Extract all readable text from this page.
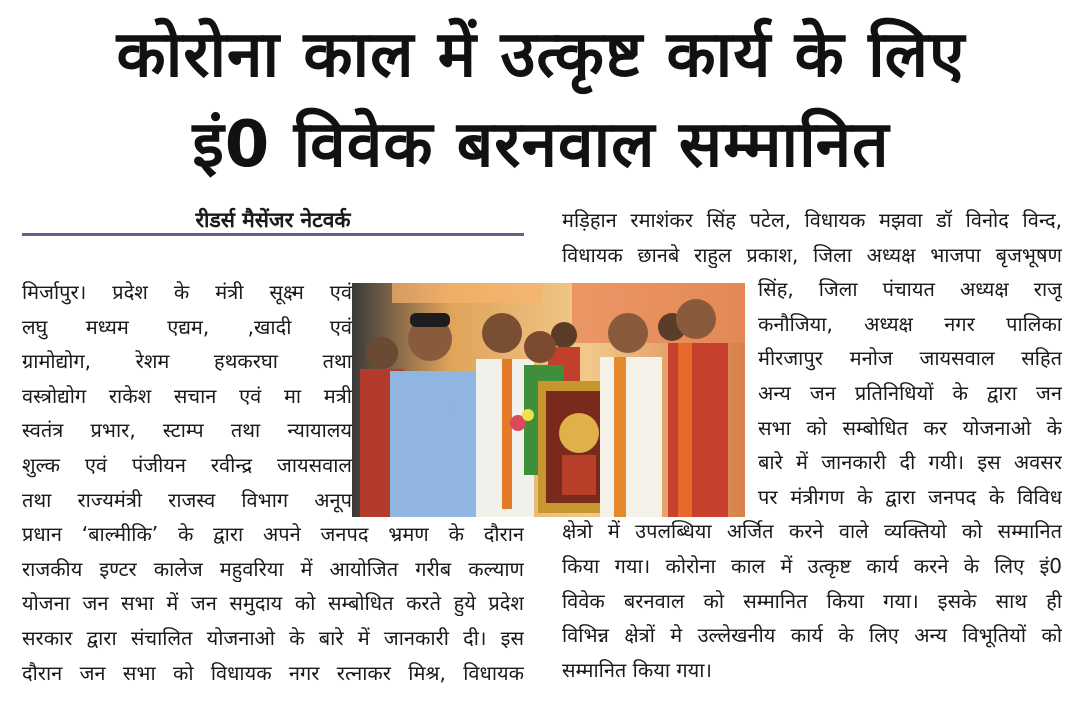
कोरोना काल में उत्कृष्ट कार्य के लिए
इं0 विवेक बरनवाल सम्मानित
रीडर्स मैसेंजर नेटवर्क
मिर्जापुर। प्रदेश के मंत्री सूक्ष्म एवं
लघु मध्यम एद्यम, ,खादी एवं
ग्रामोद्योग, रेशम हथकरघा तथा
वस्त्रोद्योग राकेश सचान एवं मा मत्री
स्वतंत्र प्रभार, स्टाम्प तथा न्यायालय
शुल्क एवं पंजीयन रवीन्द्र जायसवाल
तथा राज्यमंत्री राजस्व विभाग अनूप
प्रधान ‘बाल्मीकि’ के द्वारा अपने जनपद भ्रमण के दौरान
राजकीय इण्टर कालेज महुवरिया में आयोजित गरीब कल्याण
योजना जन सभा में जन समुदाय को सम्बोधित करते हुये प्रदेश
सरकार द्वारा संचालित योजनाओ के बारे में जानकारी दी। इस
दौरान जन सभा को विधायक नगर रत्नाकर मिश्र, विधायक
मड़िहान रमाशंकर सिंह पटेल, विधायक मझवा डॉ विनोद विन्द,
विधायक छानबे राहुल प्रकाश, जिला अध्यक्ष भाजपा बृजभूषण
सिंह, जिला पंचायत अध्यक्ष राजू
कनौजिया, अध्यक्ष नगर पालिका
मीरजापुर मनोज जायसवाल सहित
अन्य जन प्रतिनिधियों के द्वारा जन
सभा को सम्बोधित कर योजनाओ के
बारे में जानकारी दी गयी। इस अवसर
पर मंत्रीगण के द्वारा जनपद के विविध
क्षेत्रो में उपलब्धिया अर्जित करने वाले व्यक्तियो को सम्मानित
किया गया। कोरोना काल में उत्कृष्ट कार्य करने के लिए इं0
विवेक बरनवाल को सम्मानित किया गया। इसके साथ ही
विभिन्न क्षेत्रों मे उल्लेखनीय कार्य के लिए अन्य विभूतियों को
सम्मानित किया गया।
